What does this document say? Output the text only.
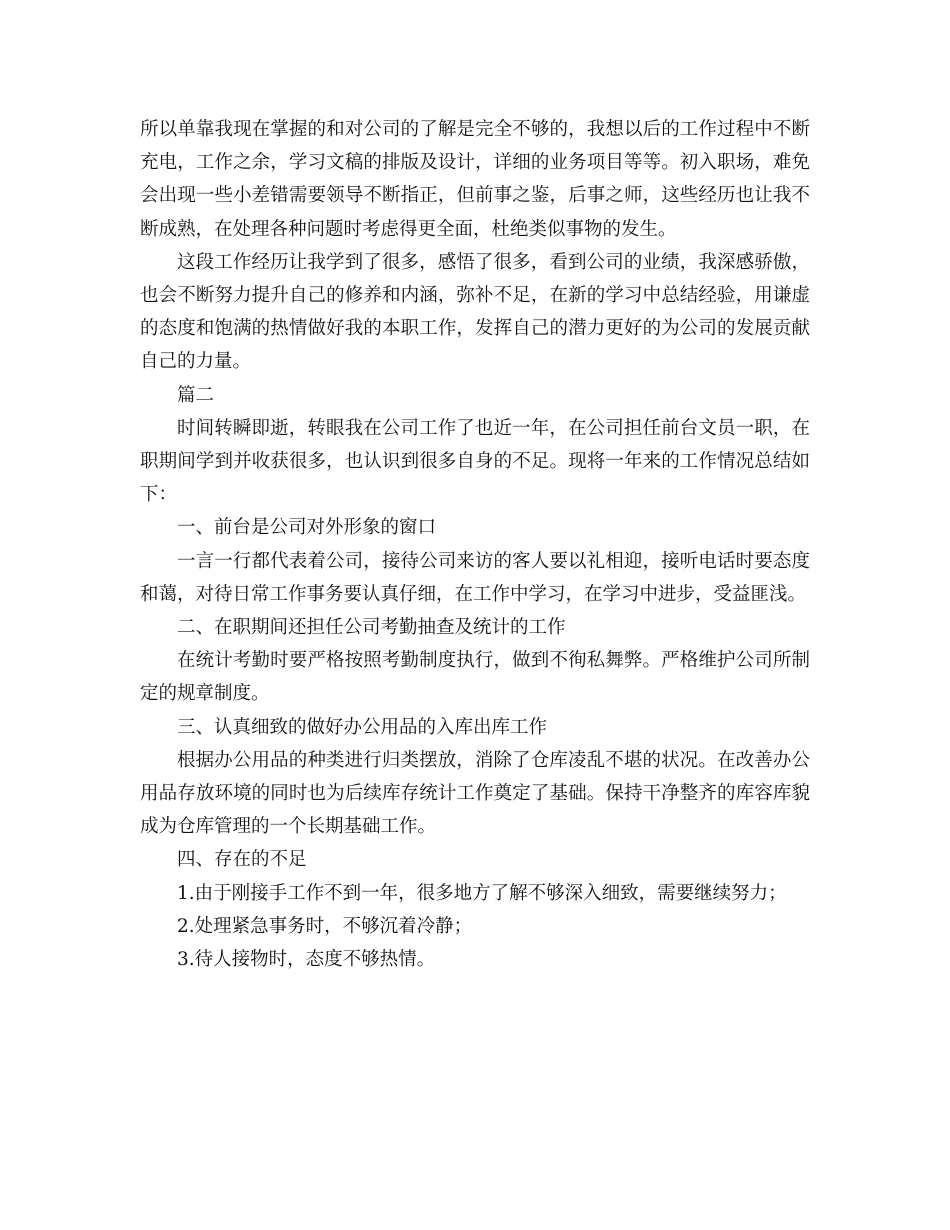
所以单靠我现在掌握的和对公司的了解是完全不够的，我想以后的工作过程中不断充电，工作之余，学习文稿的排版及设计，详细的业务项目等等。初入职场，难免会出现一些小差错需要领导不断指正，但前事之鉴，后事之师，这些经历也让我不断成熟，在处理各种问题时考虑得更全面，杜绝类似事物的发生。

这段工作经历让我学到了很多，感悟了很多，看到公司的业绩，我深感骄傲，也会不断努力提升自己的修养和内涵，弥补不足，在新的学习中总结经验，用谦虚的态度和饱满的热情做好我的本职工作，发挥自己的潜力更好的为公司的发展贡献自己的力量。

篇二

时间转瞬即逝，转眼我在公司工作了也近一年，在公司担任前台文员一职，在职期间学到并收获很多，也认识到很多自身的不足。现将一年来的工作情况总结如下：

一、前台是公司对外形象的窗口

一言一行都代表着公司，接待公司来访的客人要以礼相迎，接听电话时要态度和蔼，对待日常工作事务要认真仔细，在工作中学习，在学习中进步，受益匪浅。

二、在职期间还担任公司考勤抽查及统计的工作

在统计考勤时要严格按照考勤制度执行，做到不徇私舞弊。严格维护公司所制定的规章制度。

三、认真细致的做好办公用品的入库出库工作

根据办公用品的种类进行归类摆放，消除了仓库凌乱不堪的状况。在改善办公用品存放环境的同时也为后续库存统计工作奠定了基础。保持干净整齐的库容库貌成为仓库管理的一个长期基础工作。

四、存在的不足

1.由于刚接手工作不到一年，很多地方了解不够深入细致，需要继续努力；

2.处理紧急事务时，不够沉着冷静；

3.待人接物时，态度不够热情。
